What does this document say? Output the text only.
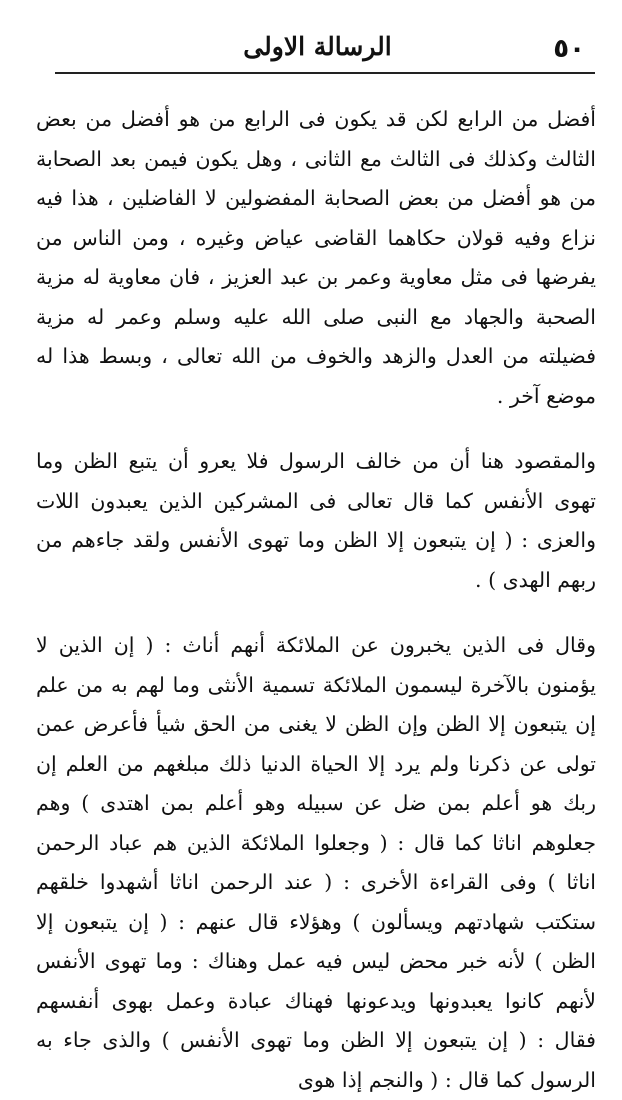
٥٠
الرسالة الاولى

أفضل من الرابع لكن قد يكون فى الرابع من هو أفضل من بعض الثالث وكذلك فى الثالث مع الثانى ، وهل يكون فيمن بعد الصحابة من هو أفضل من بعض الصحابة المفضولين لا الفاضلين ، هذا فيه نزاع وفيه قولان حكاهما القاضى عياض وغيره ، ومن الناس من يفرضها فى مثل معاوية وعمر بن عبد العزيز ، فان معاوية له مزية الصحبة والجهاد مع النبى صلى الله عليه وسلم وعمر له مزية فضيلته من العدل والزهد والخوف من الله تعالى ، وبسط هذا له موضع آخر .

والمقصود هنا أن من خالف الرسول فلا يعرو أن يتبع الظن وما تهوى الأنفس كما قال تعالى فى المشركين الذين يعبدون اللات والعزى : ( إن يتبعون إلا الظن وما تهوى الأنفس ولقد جاءهم من ربهم الهدى ) .

وقال فى الذين يخبرون عن الملائكة أنهم أناث : ( إن الذين لا يؤمنون بالآخرة ليسمون الملائكة تسمية الأنثى وما لهم به من علم إن يتبعون إلا الظن وإن الظن لا يغنى من الحق شيأ فأعرض عمن تولى عن ذكرنا ولم يرد إلا الحياة الدنيا ذلك مبلغهم من العلم إن ربك هو أعلم بمن ضل عن سبيله وهو أعلم بمن اهتدى ) وهم جعلوهم اناثا كما قال : ( وجعلوا الملائكة الذين هم عباد الرحمن اناثا ) وفى القراءة الأخرى : ( عند الرحمن اناثا أشهدوا خلقهم ستكتب شهادتهم ويسألون ) وهؤلاء قال عنهم : ( إن يتبعون إلا الظن ) لأنه خبر محض ليس فيه عمل وهناك : وما تهوى الأنفس لأنهم كانوا يعبدونها ويدعونها فهناك عبادة وعمل بهوى أنفسهم فقال : ( إن يتبعون إلا الظن وما تهوى الأنفس ) والذى جاء به الرسول كما قال : ( والنجم إذا هوى
